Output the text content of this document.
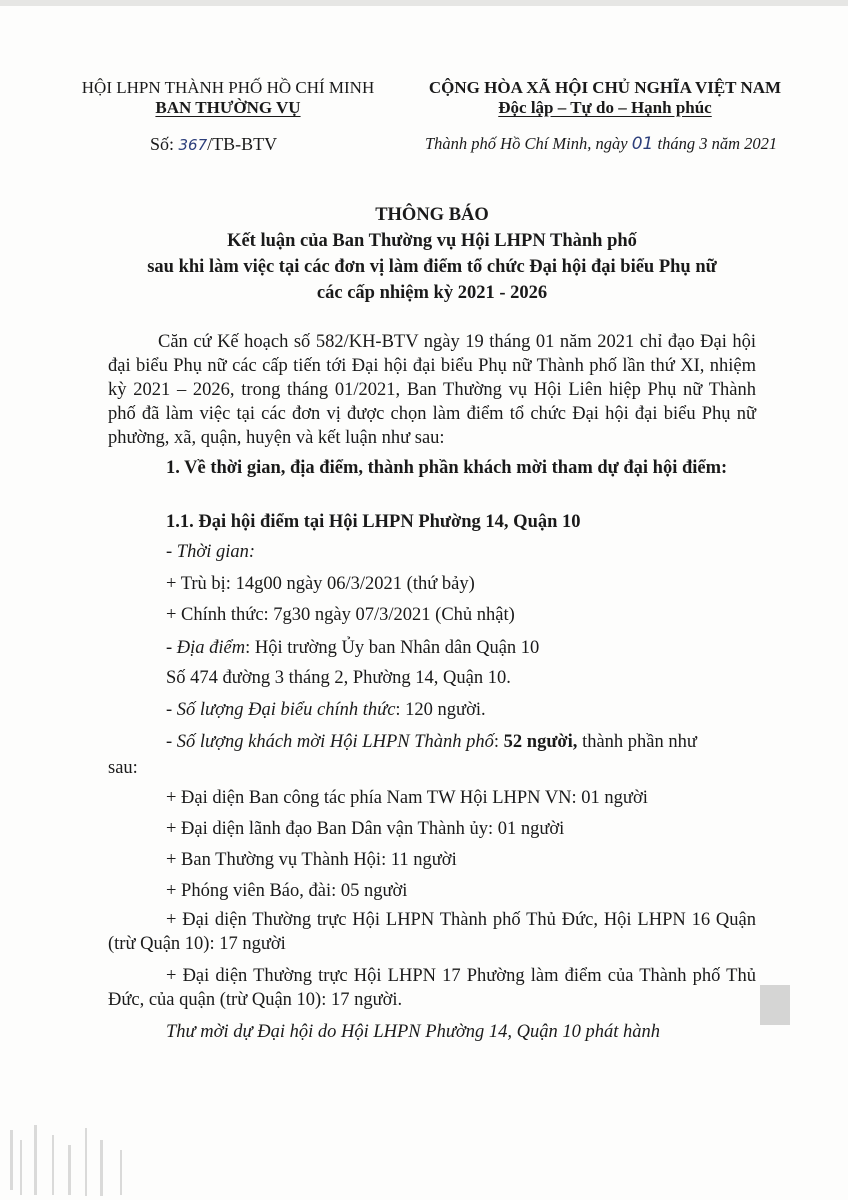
HỘI LHPN THÀNH PHỐ HỒ CHÍ MINH
BAN THƯỜNG VỤ
CỘNG HÒA XÃ HỘI CHỦ NGHĨA VIỆT NAM
Độc lập – Tự do – Hạnh phúc
Số: 367/TB-BTV	Thành phố Hồ Chí Minh, ngày 01 tháng 3 năm 2021
THÔNG BÁO
Kết luận của Ban Thường vụ Hội LHPN Thành phố
sau khi làm việc tại các đơn vị làm điểm tổ chức Đại hội đại biểu Phụ nữ
các cấp nhiệm kỳ 2021 - 2026
Căn cứ Kế hoạch số 582/KH-BTV ngày 19 tháng 01 năm 2021 chỉ đạo Đại hội đại biểu Phụ nữ các cấp tiến tới Đại hội đại biểu Phụ nữ Thành phố lần thứ XI, nhiệm kỳ 2021 – 2026, trong tháng 01/2021, Ban Thường vụ Hội Liên hiệp Phụ nữ Thành phố đã làm việc tại các đơn vị được chọn làm điểm tổ chức Đại hội đại biểu Phụ nữ phường, xã, quận, huyện và kết luận như sau:
1. Về thời gian, địa điểm, thành phần khách mời tham dự đại hội điểm:
1.1. Đại hội điểm tại Hội LHPN Phường 14, Quận 10
- Thời gian:
+ Trù bị: 14g00 ngày 06/3/2021 (thứ bảy)
+ Chính thức: 7g30 ngày 07/3/2021 (Chủ nhật)
- Địa điểm: Hội trường Ủy ban Nhân dân Quận 10
Số 474 đường 3 tháng 2, Phường 14, Quận 10.
- Số lượng Đại biểu chính thức: 120 người.
- Số lượng khách mời Hội LHPN Thành phố: 52 người, thành phần như
sau:
+ Đại diện Ban công tác phía Nam TW Hội LHPN VN: 01 người
+ Đại diện lãnh đạo Ban Dân vận Thành ủy: 01 người
+ Ban Thường vụ Thành Hội: 11 người
+ Phóng viên Báo, đài: 05 người
+ Đại diện Thường trực Hội LHPN Thành phố Thủ Đức, Hội LHPN 16 Quận (trừ Quận 10): 17 người
+ Đại diện Thường trực Hội LHPN 17 Phường làm điểm của Thành phố Thủ Đức, của quận (trừ Quận 10): 17 người.
Thư mời dự Đại hội do Hội LHPN Phường 14, Quận 10 phát hành
